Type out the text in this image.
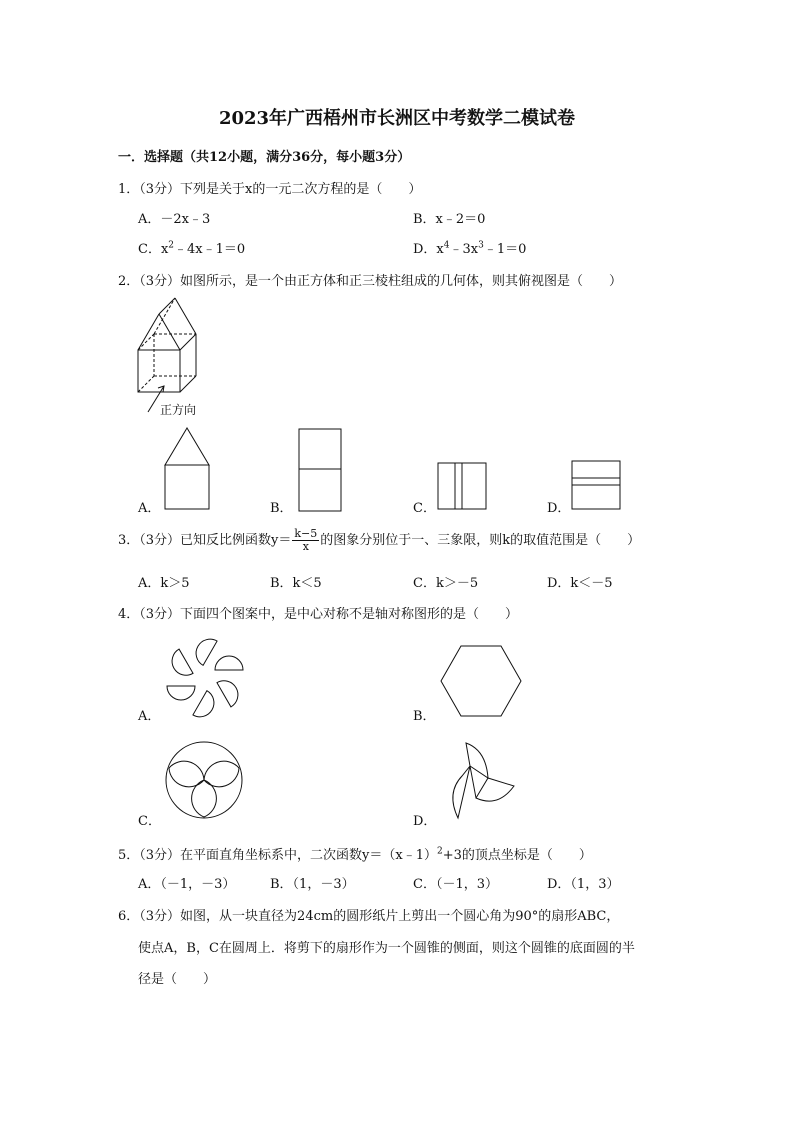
2023年广西梧州市长洲区中考数学二模试卷
一．选择题（共12小题，满分36分，每小题3分）
1．（3分）下列是关于x的一元二次方程的是（　　）
A．－2x﹣3	B．x﹣2＝0
C．$x^2﹣4x﹣1=0$	D．$x^4﹣3x^3﹣1=0$
2．（3分）如图所示，是一个由正方体和正三棱柱组成的几何体，则其俯视图是（　　）
正方向
A．	B．	C．	D．
3．（3分）已知反比例函数$y= \frac{k-5}{x}$ 的图象分别位于一、三象限，则k的取值范围是（　　）
A．k＞5	B．k＜5	C．k＞－5	D．k＜－5
4．（3分）下面四个图案中，是中心对称不是轴对称图形的是（　　）
A．	B．
C．	D．
5．（3分）在平面直角坐标系中，二次函数y＝（x﹣1）$^2$+3的顶点坐标是（　　）
A．（－1，－3）	B．（1，－3）	C．（－1，3）	D．（1，3）
6．（3分）如图，从一块直径为24cm的圆形纸片上剪出一个圆心角为90°的扇形ABC，
使点A，B，C在圆周上．将剪下的扇形作为一个圆锥的侧面，则这个圆锥的底面圆的半
径是（　　）
